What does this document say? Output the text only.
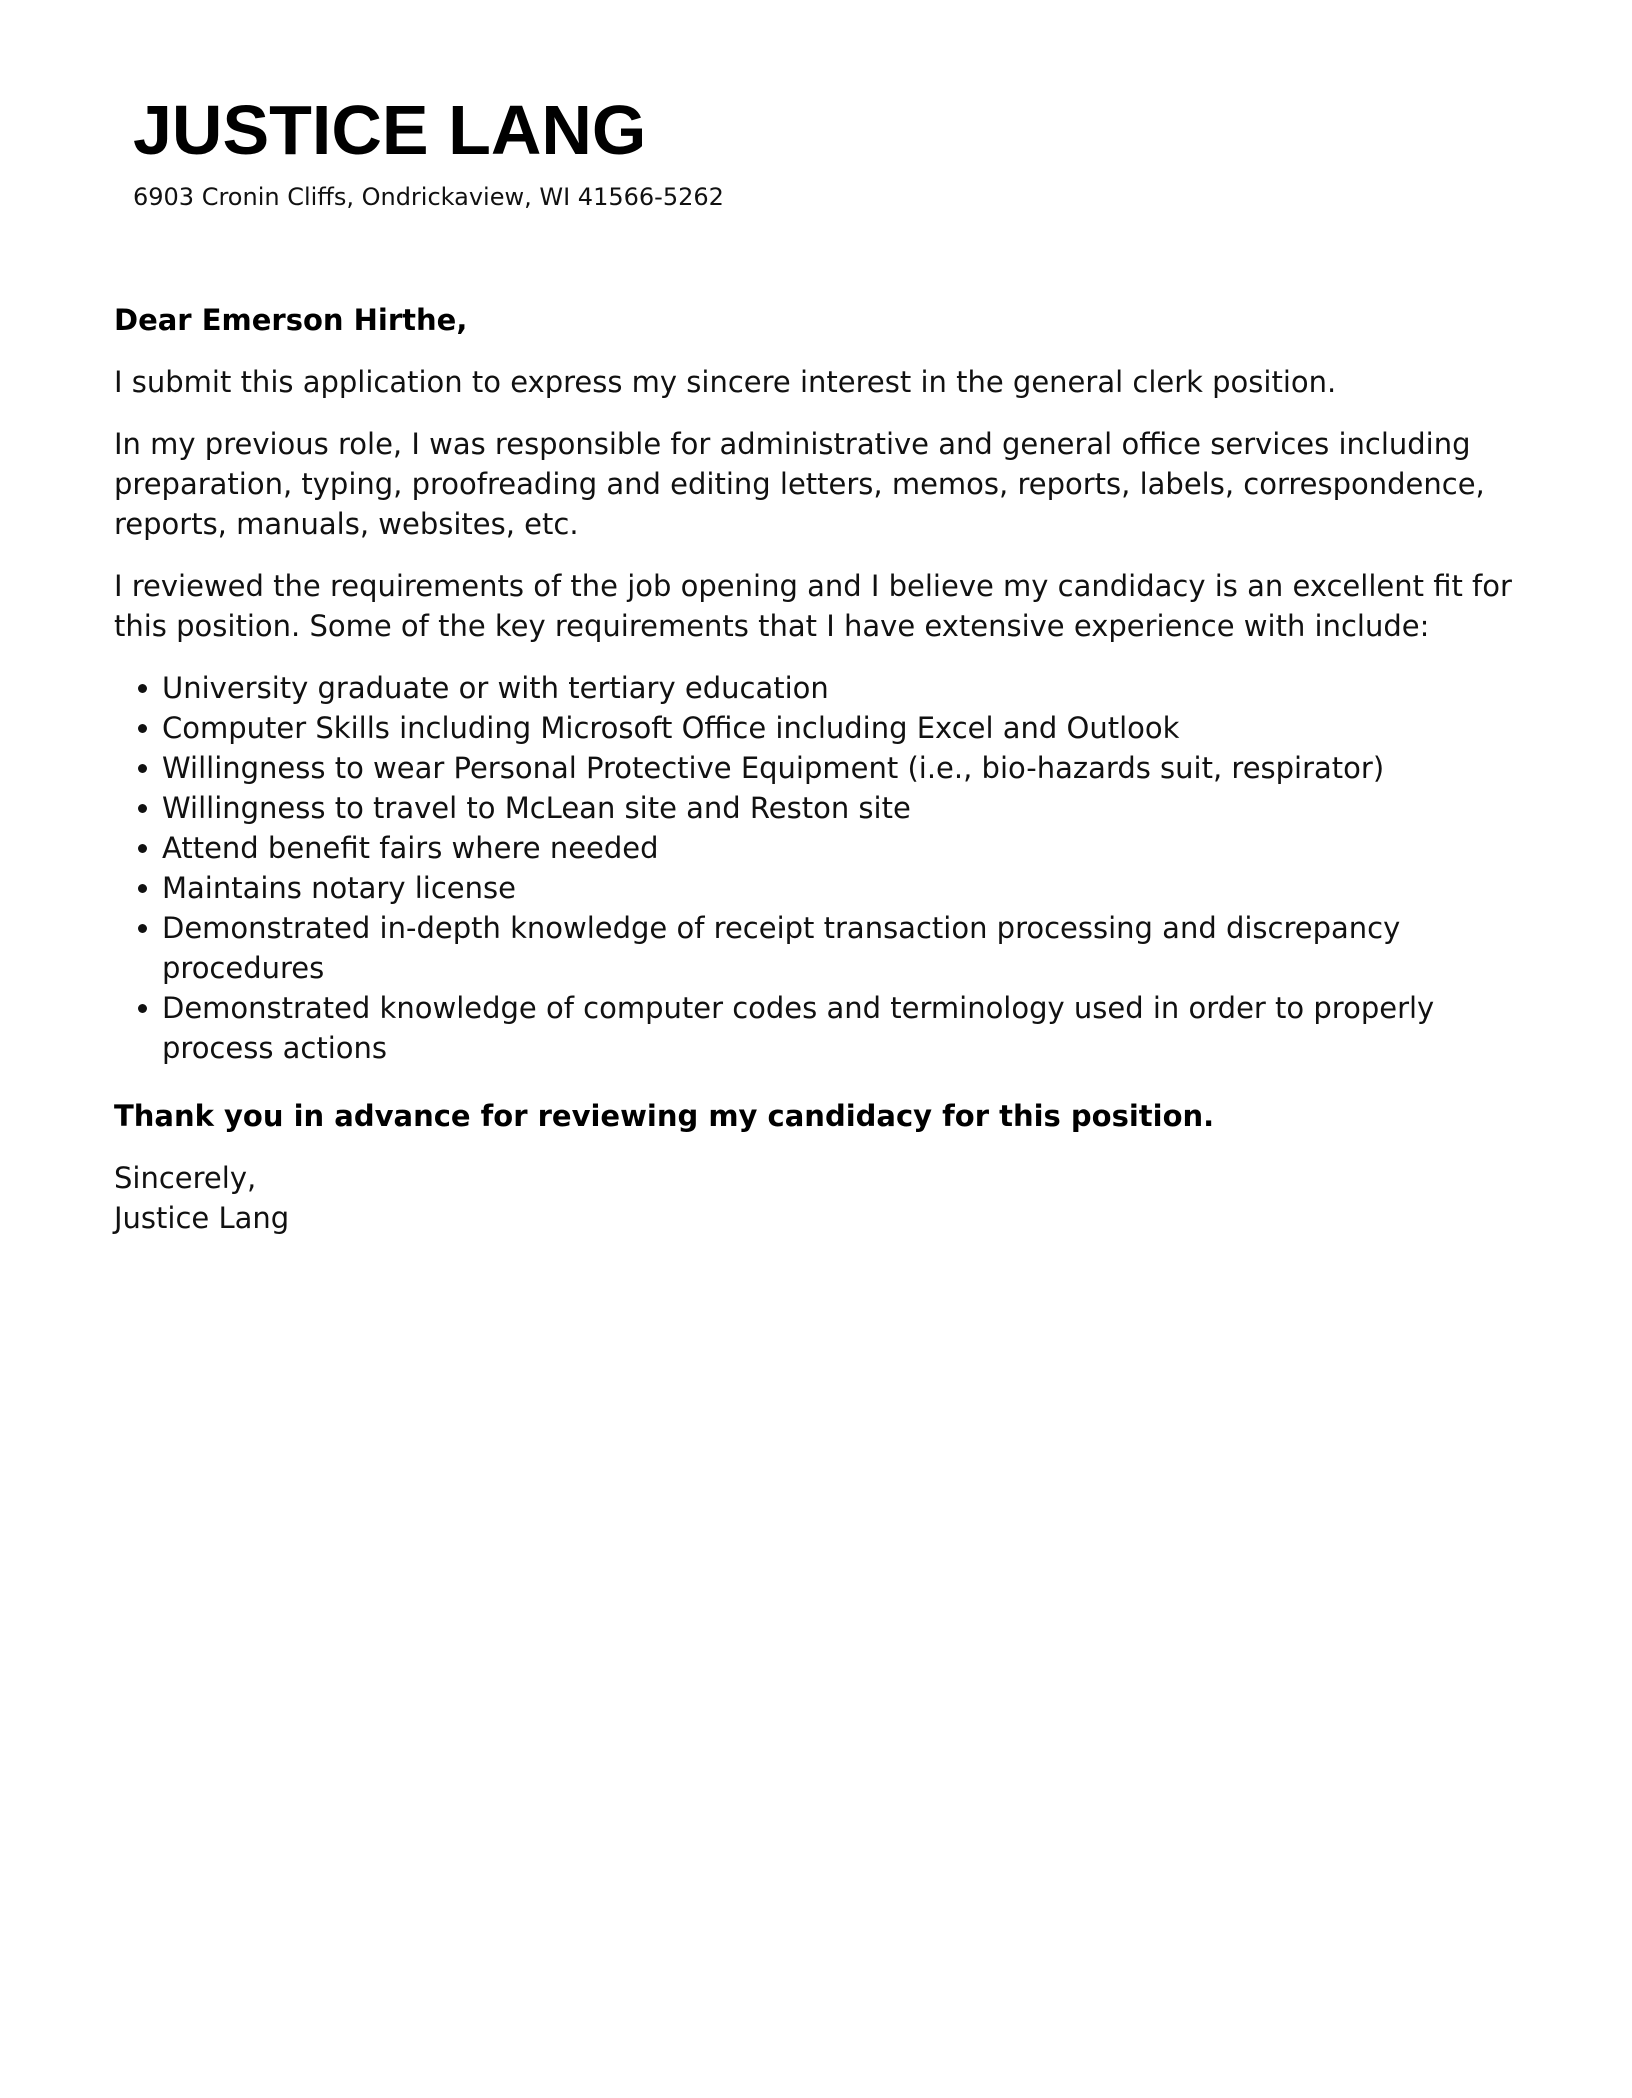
JUSTICE LANG
6903 Cronin Cliffs, Ondrickaview, WI 41566-5262

Dear Emerson Hirthe,

I submit this application to express my sincere interest in the general clerk position.

In my previous role, I was responsible for administrative and general office services including preparation, typing, proofreading and editing letters, memos, reports, labels, correspondence, reports, manuals, websites, etc.

I reviewed the requirements of the job opening and I believe my candidacy is an excellent fit for this position. Some of the key requirements that I have extensive experience with include:

University graduate or with tertiary education
Computer Skills including Microsoft Office including Excel and Outlook
Willingness to wear Personal Protective Equipment (i.e., bio-hazards suit, respirator)
Willingness to travel to McLean site and Reston site
Attend benefit fairs where needed
Maintains notary license
Demonstrated in-depth knowledge of receipt transaction processing and discrepancy procedures
Demonstrated knowledge of computer codes and terminology used in order to properly process actions

Thank you in advance for reviewing my candidacy for this position.

Sincerely,

Justice Lang
